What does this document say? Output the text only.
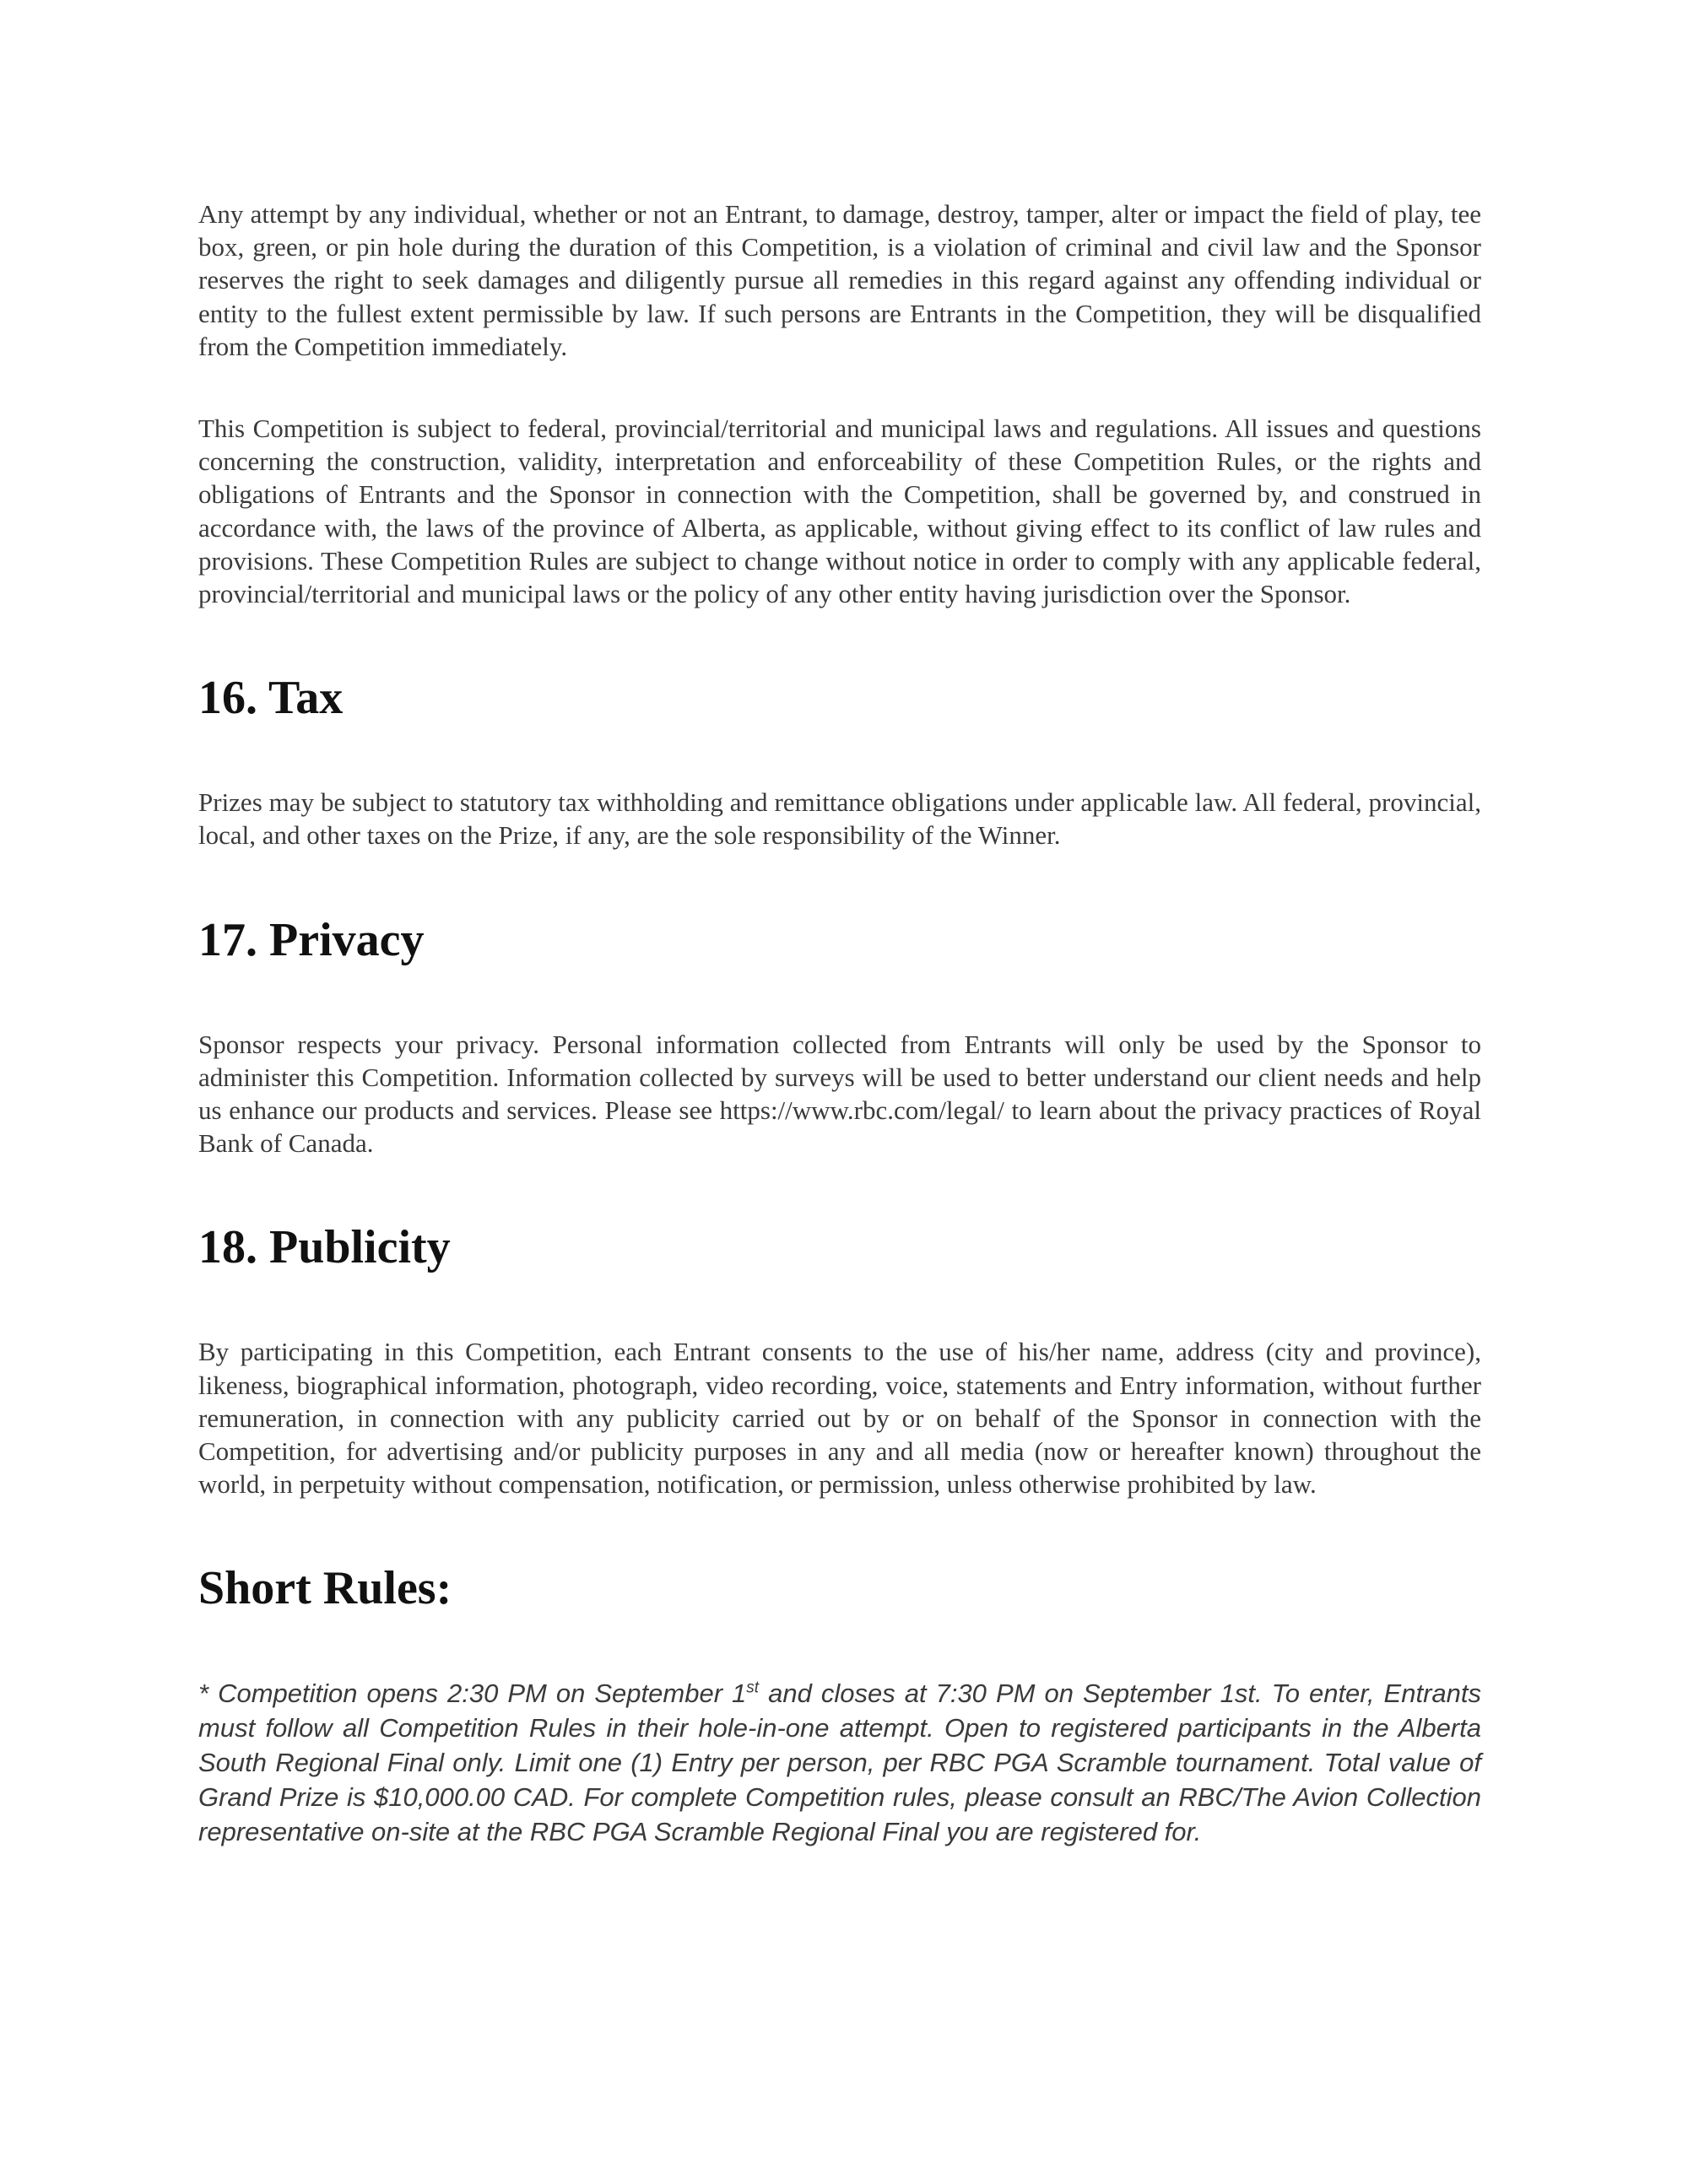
Any attempt by any individual, whether or not an Entrant, to damage, destroy, tamper, alter or impact the field of play, tee box, green, or pin hole during the duration of this Competition, is a violation of criminal and civil law and the Sponsor reserves the right to seek damages and diligently pursue all remedies in this regard against any offending individual or entity to the fullest extent permissible by law. If such persons are Entrants in the Competition, they will be disqualified from the Competition immediately.

This Competition is subject to federal, provincial/territorial and municipal laws and regulations. All issues and questions concerning the construction, validity, interpretation and enforceability of these Competition Rules, or the rights and obligations of Entrants and the Sponsor in connection with the Competition, shall be governed by, and construed in accordance with, the laws of the province of Alberta, as applicable, without giving effect to its conflict of law rules and provisions. These Competition Rules are subject to change without notice in order to comply with any applicable federal, provincial/territorial and municipal laws or the policy of any other entity having jurisdiction over the Sponsor.

16. Tax

Prizes may be subject to statutory tax withholding and remittance obligations under applicable law. All federal, provincial, local, and other taxes on the Prize, if any, are the sole responsibility of the Winner.

17. Privacy

Sponsor respects your privacy. Personal information collected from Entrants will only be used by the Sponsor to administer this Competition. Information collected by surveys will be used to better understand our client needs and help us enhance our products and services. Please see https://www.rbc.com/legal/ to learn about the privacy practices of Royal Bank of Canada.

18. Publicity

By participating in this Competition, each Entrant consents to the use of his/her name, address (city and province), likeness, biographical information, photograph, video recording, voice, statements and Entry information, without further remuneration, in connection with any publicity carried out by or on behalf of the Sponsor in connection with the Competition, for advertising and/or publicity purposes in any and all media (now or hereafter known) throughout the world, in perpetuity without compensation, notification, or permission, unless otherwise prohibited by law.

Short Rules:

* Competition opens 2:30 PM on September 1st and closes at 7:30 PM on September 1st. To enter, Entrants must follow all Competition Rules in their hole-in-one attempt. Open to registered participants in the Alberta South Regional Final only. Limit one (1) Entry per person, per RBC PGA Scramble tournament. Total value of Grand Prize is $10,000.00 CAD. For complete Competition rules, please consult an RBC/The Avion Collection representative on-site at the RBC PGA Scramble Regional Final you are registered for.
